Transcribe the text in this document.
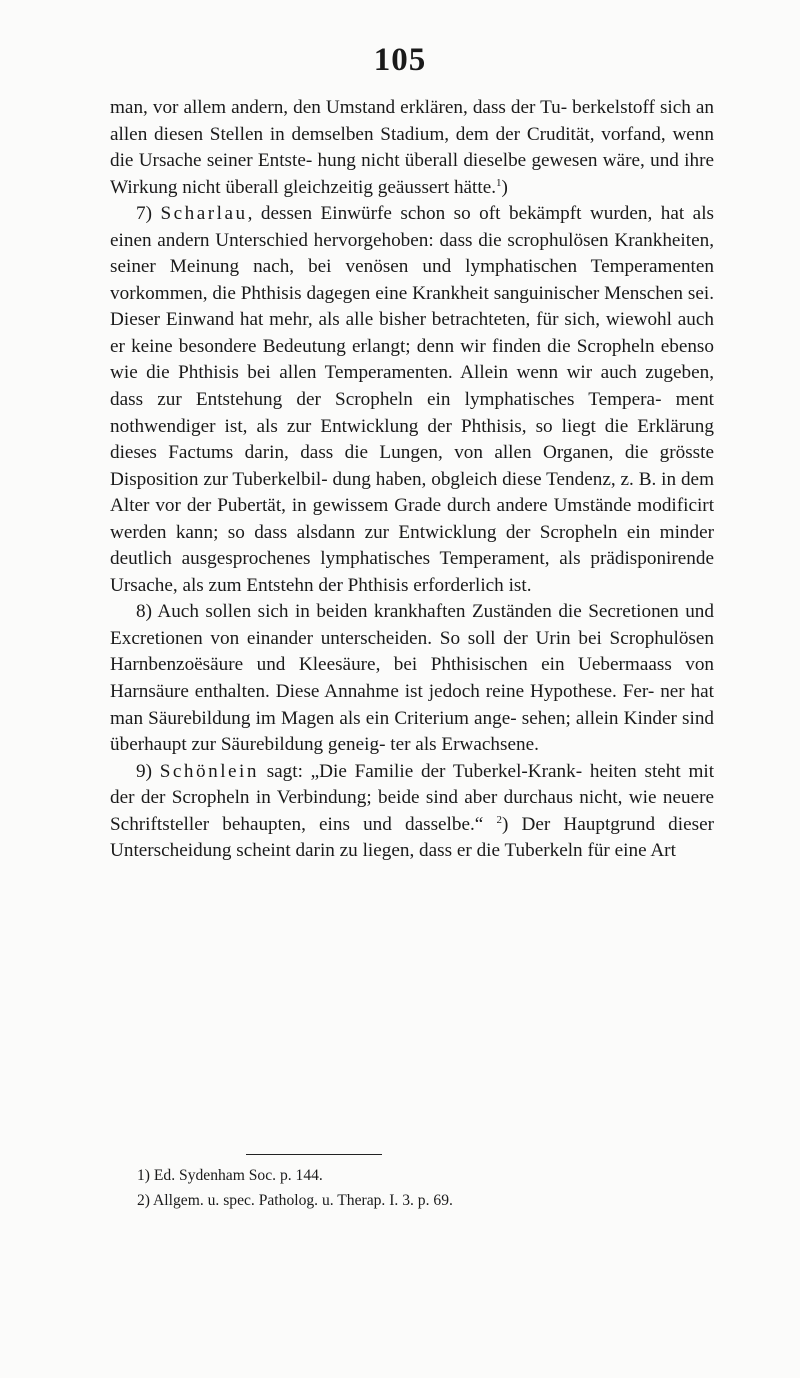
105

man, vor allem andern, den Umstand erklären, dass der Tu- berkelstoff sich an allen diesen Stellen in demselben Stadium, dem der Crudität, vorfand, wenn die Ursache seiner Entste- hung nicht überall dieselbe gewesen wäre, und ihre Wirkung nicht überall gleichzeitig geäussert hätte.$^1$)

7) Scharlau, dessen Einwürfe schon so oft bekämpft wurden, hat als einen andern Unterschied hervorgehoben: dass die scrophulösen Krankheiten, seiner Meinung nach, bei venösen und lymphatischen Temperamenten vorkommen, die Phthisis dagegen eine Krankheit sanguinischer Menschen sei. Dieser Einwand hat mehr, als alle bisher betrachteten, für sich, wiewohl auch er keine besondere Bedeutung erlangt; denn wir finden die Scropheln ebenso wie die Phthisis bei allen Temperamenten. Allein wenn wir auch zugeben, dass zur Entstehung der Scropheln ein lymphatisches Tempera- ment nothwendiger ist, als zur Entwicklung der Phthisis, so liegt die Erklärung dieses Factums darin, dass die Lungen, von allen Organen, die grösste Disposition zur Tuberkelbil- dung haben, obgleich diese Tendenz, z. B. in dem Alter vor der Pubertät, in gewissem Grade durch andere Umstände modificirt werden kann; so dass alsdann zur Entwicklung der Scropheln ein minder deutlich ausgesprochenes lymphatisches Temperament, als prädisponirende Ursache, als zum Entstehn der Phthisis erforderlich ist.

8) Auch sollen sich in beiden krankhaften Zuständen die Secretionen und Excretionen von einander unterscheiden. So soll der Urin bei Scrophulösen Harnbenzoësäure und Kleesäure, bei Phthisischen ein Uebermaass von Harnsäure enthalten. Diese Annahme ist jedoch reine Hypothese. Fer- ner hat man Säurebildung im Magen als ein Criterium ange- sehen; allein Kinder sind überhaupt zur Säurebildung geneig- ter als Erwachsene.

9) Schönlein sagt: „Die Familie der Tuberkel-Krank- heiten steht mit der der Scropheln in Verbindung; beide sind aber durchaus nicht, wie neuere Schriftsteller behaupten, eins und dasselbe.“ $^2$) Der Hauptgrund dieser Unterscheidung scheint darin zu liegen, dass er die Tuberkeln für eine Art

1) Ed. Sydenham Soc. p. 144.
2) Allgem. u. spec. Patholog. u. Therap. I. 3. p. 69.
